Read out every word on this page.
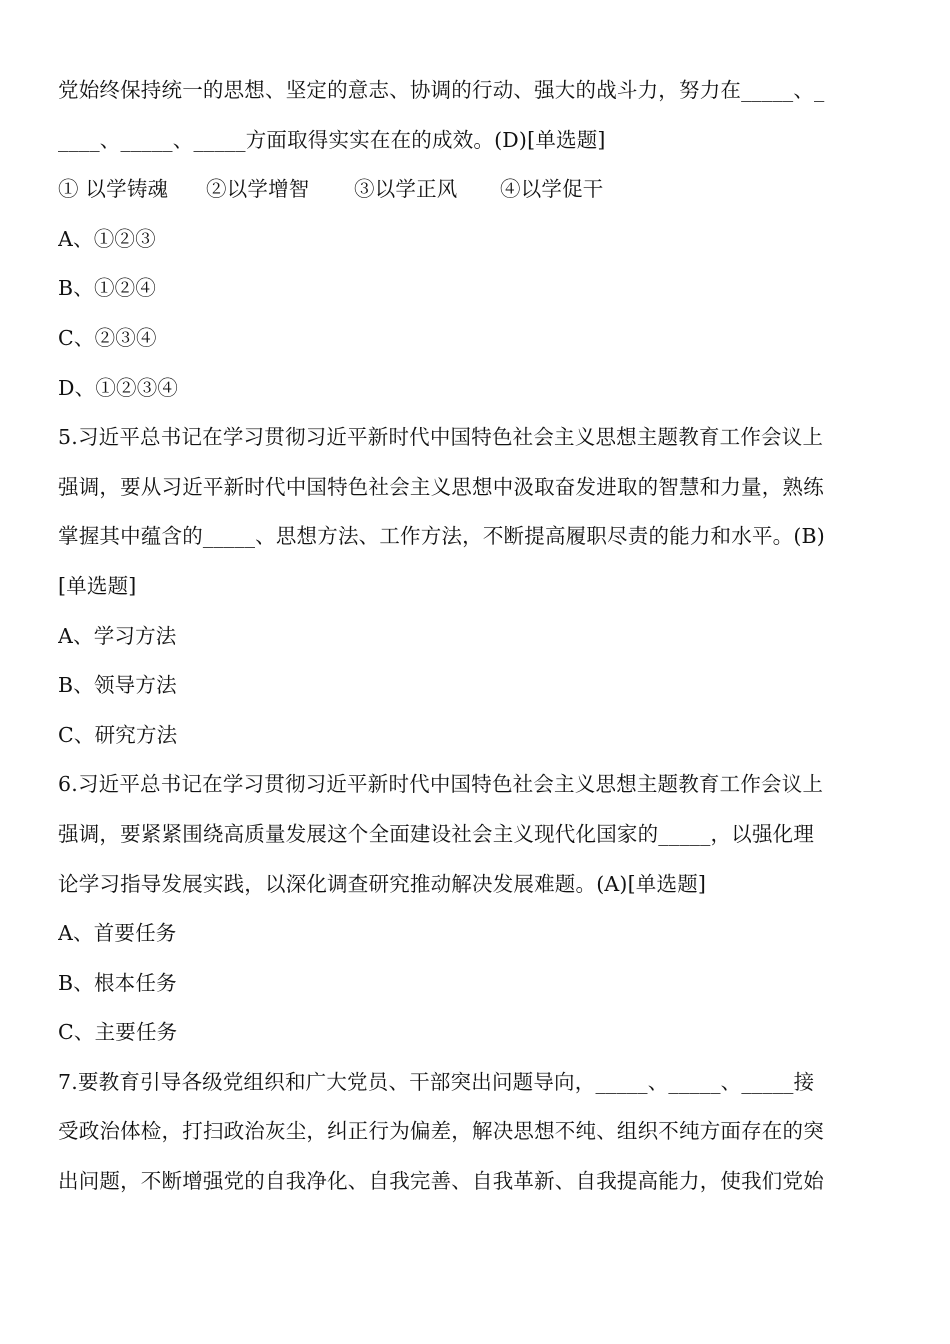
党始终保持统一的思想、坚定的意志、协调的行动、强大的战斗力，努力在_____、_
____、_____、_____方面取得实实在在的成效。(D)[单选题]
① 以学铸魂 ②以学增智 ③以学正风 ④以学促干
A、①②③
B、①②④
C、②③④
D、①②③④
5.习近平总书记在学习贯彻习近平新时代中国特色社会主义思想主题教育工作会议上
强调，要从习近平新时代中国特色社会主义思想中汲取奋发进取的智慧和力量，熟练
掌握其中蕴含的_____、思想方法、工作方法，不断提高履职尽责的能力和水平。(B)
[单选题]
A、学习方法
B、领导方法
C、研究方法
6.习近平总书记在学习贯彻习近平新时代中国特色社会主义思想主题教育工作会议上
强调，要紧紧围绕高质量发展这个全面建设社会主义现代化国家的_____，以强化理
论学习指导发展实践，以深化调查研究推动解决发展难题。(A)[单选题]
A、首要任务
B、根本任务
C、主要任务
7.要教育引导各级党组织和广大党员、干部突出问题导向，_____、_____、_____接
受政治体检，打扫政治灰尘，纠正行为偏差，解决思想不纯、组织不纯方面存在的突
出问题，不断增强党的自我净化、自我完善、自我革新、自我提高能力，使我们党始
